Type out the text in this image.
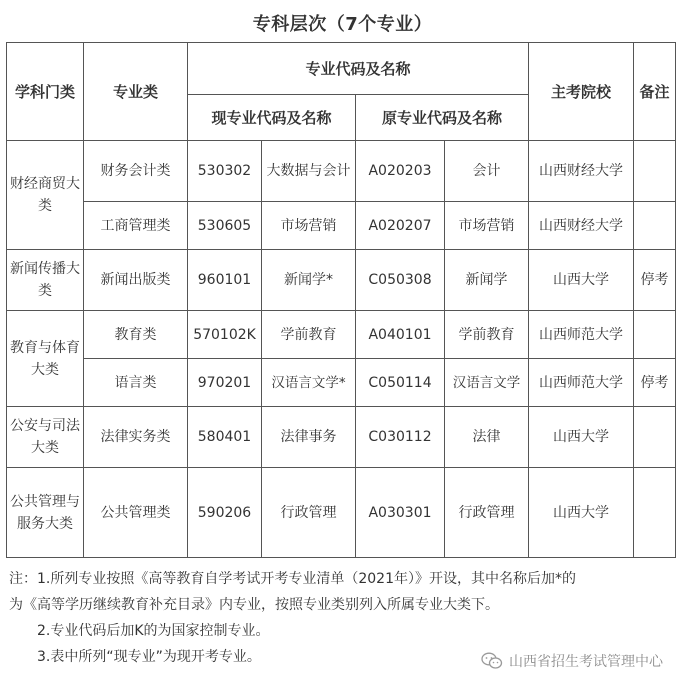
专科层次（7个专业）
学科门类	专业类	专业代码及名称				主考院校	备注
		现专业代码及名称		原专业代码及名称			
财经商贸大类	财务会计类	530302	大数据与会计	A020203	会计	山西财经大学	
	工商管理类	530605	市场营销	A020207	市场营销	山西财经大学	
新闻传播大类	新闻出版类	960101	新闻学*	C050308	新闻学	山西大学	停考
教育与体育大类	教育类	570102K	学前教育	A040101	学前教育	山西师范大学	
	语言类	970201	汉语言文学*	C050114	汉语言文学	山西师范大学	停考
公安与司法大类	法律实务类	580401	法律事务	C030112	法律	山西大学	
公共管理与服务大类	公共管理类	590206	行政管理	A030301	行政管理	山西大学	

注：1.所列专业按照《高等教育自学考试开考专业清单（2021年）》开设，其中名称后加*的

为《高等学历继续教育补充目录》内专业，按照专业类别列入所属专业大类下。

2.专业代码后加K的为国家控制专业。

3.表中所列“现专业”为现开考专业。	山西省招生考试管理中心
